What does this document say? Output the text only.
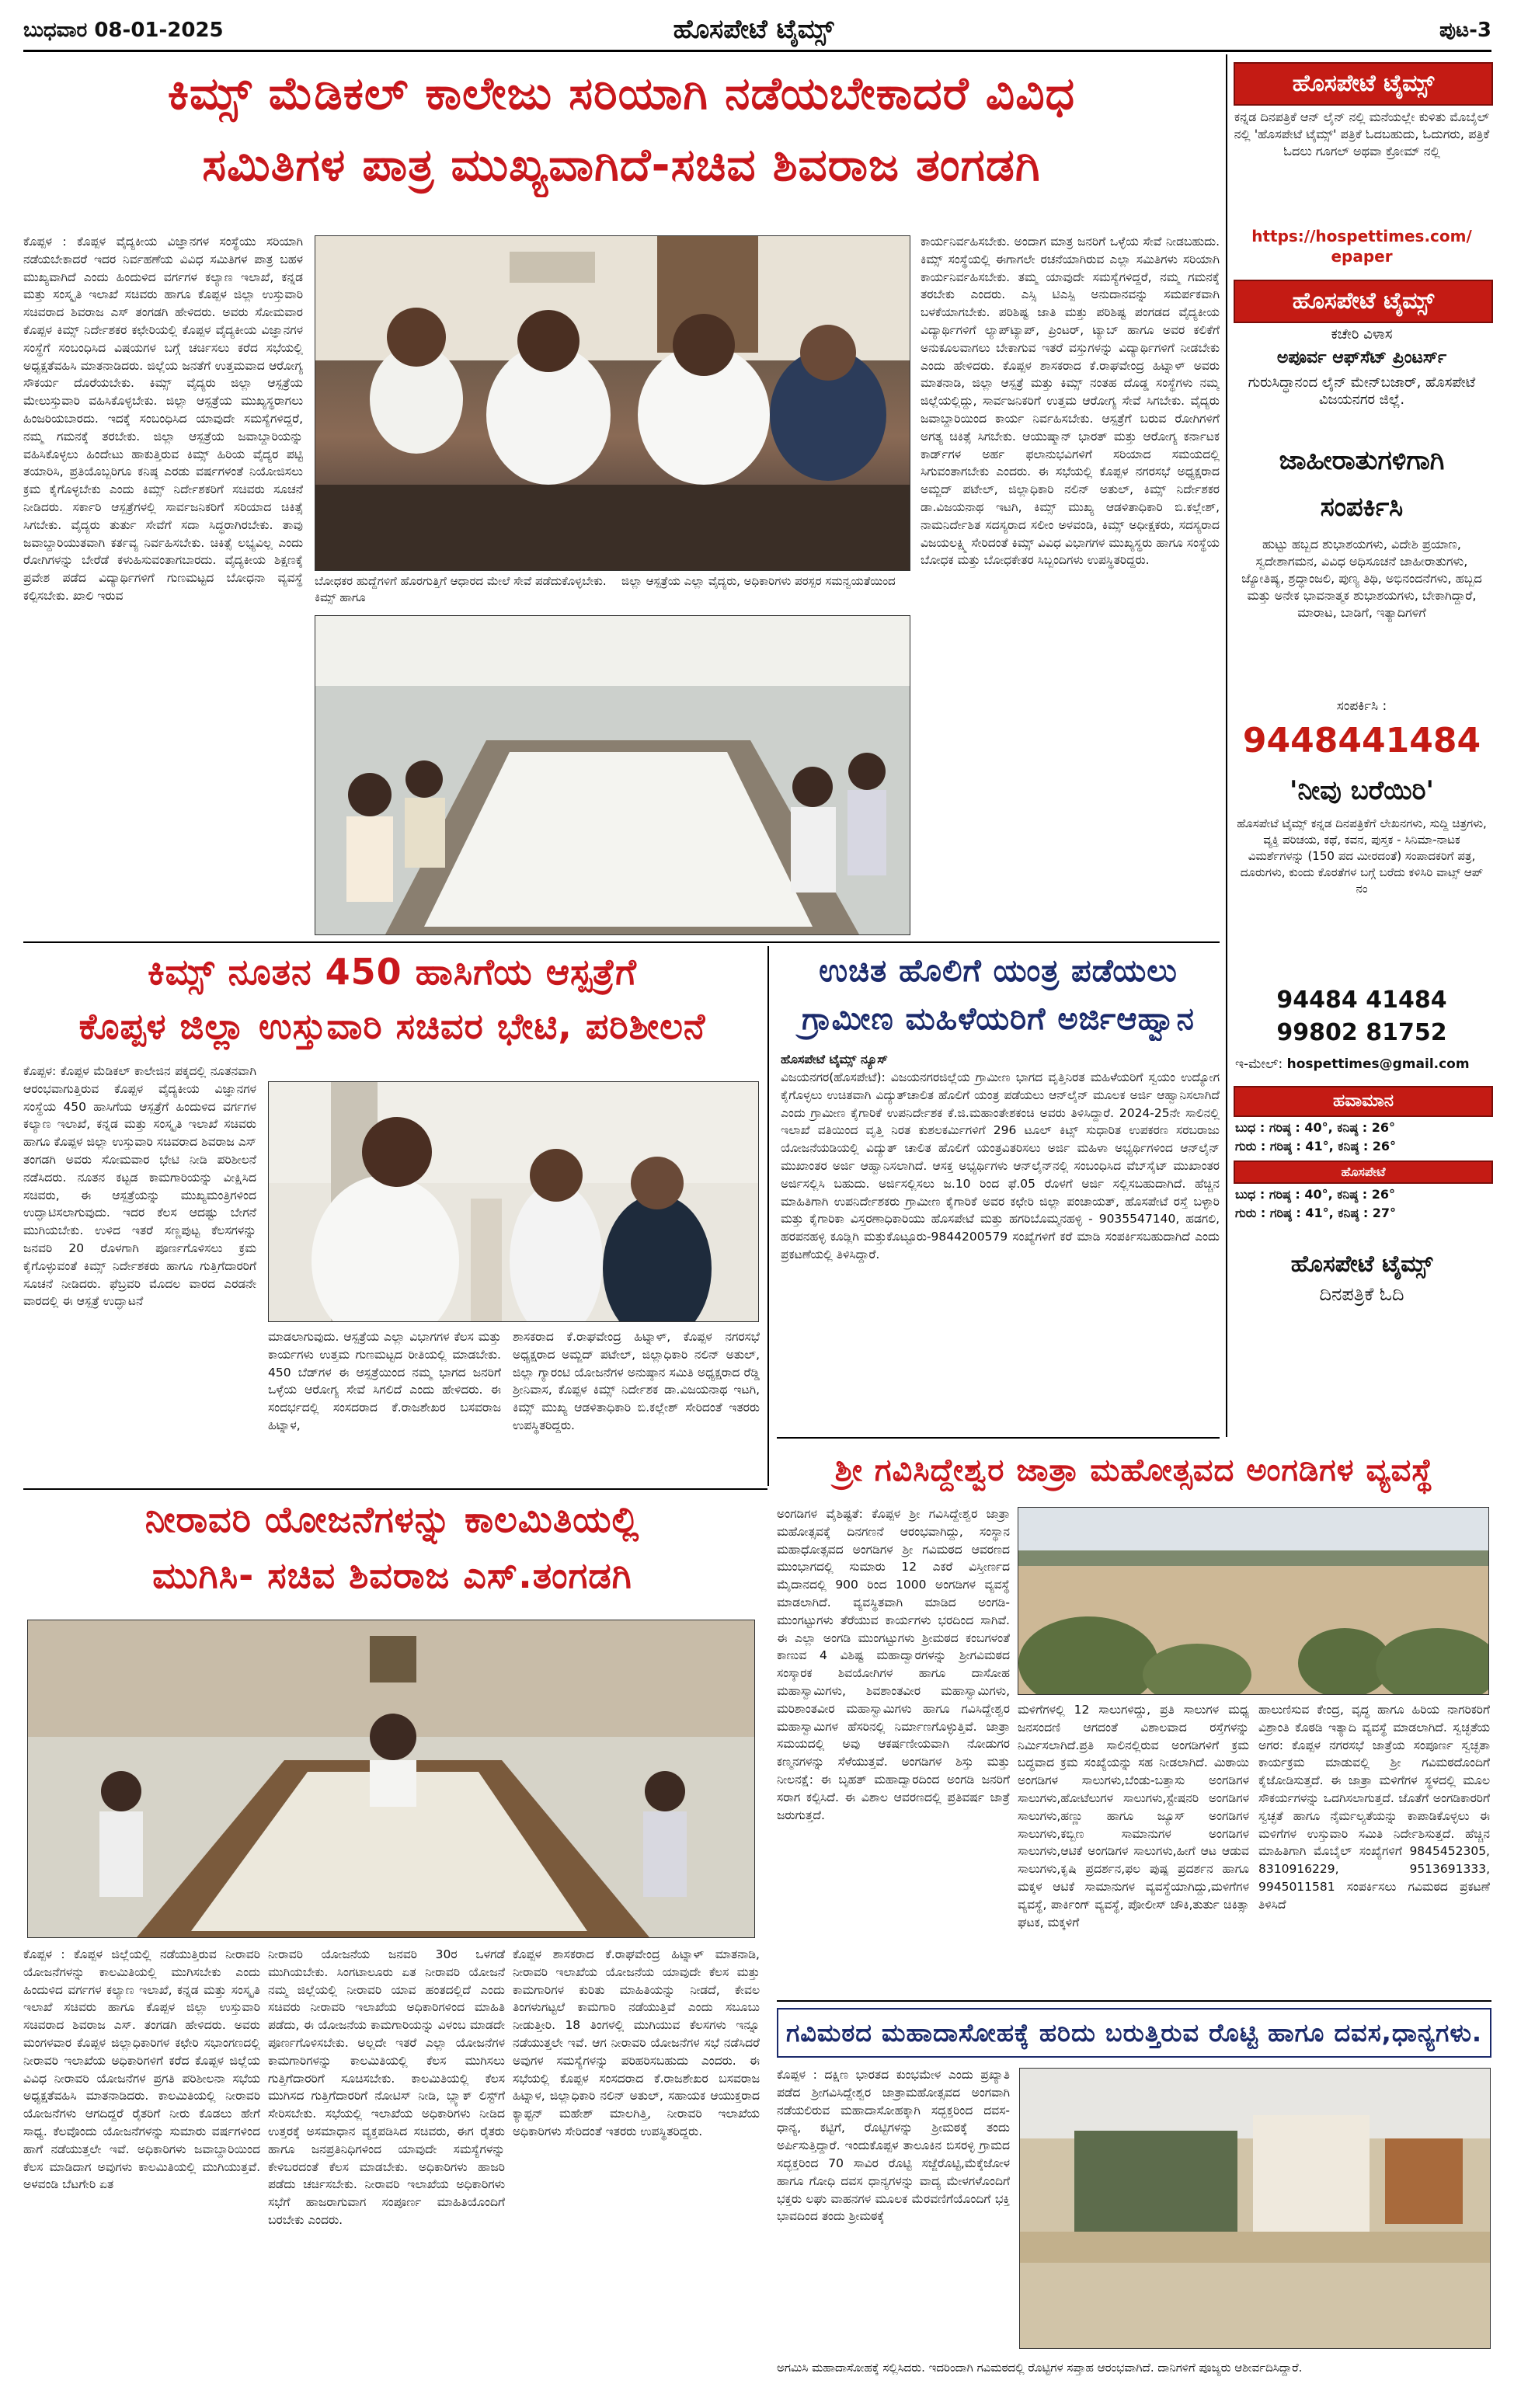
ಬುಧವಾರ 08-01-2025	ಹೊಸಪೇಟೆ ಟೈಮ್ಸ್	ಪುಟ-3
ಕಿಮ್ಸ್ ಮೆಡಿಕಲ್ ಕಾಲೇಜು ಸರಿಯಾಗಿ ನಡೆಯಬೇಕಾದರೆ ವಿವಿಧ
ಸಮಿತಿಗಳ ಪಾತ್ರ ಮುಖ್ಯವಾಗಿದೆ-ಸಚಿವ ಶಿವರಾಜ ತಂಗಡಗಿ
ಕೊಪ್ಪಳ : ಕೊಪ್ಪಳ ವೈದ್ಯಕೀಯ ವಿಜ್ಞಾನಗಳ ಸಂಸ್ಥೆಯು ಸರಿಯಾಗಿ ನಡೆಯಬೇಕಾದರೆ ಇದರ ನಿರ್ವಹಣೆಯ ವಿವಿಧ ಸಮಿತಿಗಳ ಪಾತ್ರ ಬಹಳ ಮುಖ್ಯವಾಗಿದೆ ಎಂದು ಹಿಂದುಳಿದ ವರ್ಗಗಳ ಕಲ್ಯಾಣ ಇಲಾಖೆ, ಕನ್ನಡ ಮತ್ತು ಸಂಸ್ಕೃತಿ ಇಲಾಖೆ ಸಚಿವರು ಹಾಗೂ ಕೊಪ್ಪಳ ಜಿಲ್ಲಾ ಉಸ್ತುವಾರಿ ಸಚಿವರಾದ ಶಿವರಾಜ ಎಸ್ ತಂಗಡಗಿ ಹೇಳಿದರು. ಅವರು ಸೋಮವಾರ ಕೊಪ್ಪಳ ಕಿಮ್ಸ್ ನಿರ್ದೇಶಕರ ಕಛೇರಿಯಲ್ಲಿ ಕೊಪ್ಪಳ ವೈದ್ಯಕೀಯ ವಿಜ್ಞಾನಗಳ ಸಂಸ್ಥೆಗೆ ಸಂಬಂಧಿಸಿದ ವಿಷಯಗಳ ಬಗ್ಗೆ ಚರ್ಚಿಸಲು ಕರೆದ ಸಭೆಯಲ್ಲಿ ಅಧ್ಯಕ್ಷತೆವಹಿಸಿ ಮಾತನಾಡಿದರು. ಜಿಲ್ಲೆಯ ಜನತೆಗೆ ಉತ್ತಮವಾದ ಆರೋಗ್ಯ ಸೌಕರ್ಯ ದೊರೆಯಬೇಕು. ಕಿಮ್ಸ್ ವೈದ್ಯರು ಜಿಲ್ಲಾ ಆಸ್ಪತ್ರೆಯ ಮೇಲುಸ್ತುವಾರಿ ವಹಿಸಿಕೊಳ್ಳಬೇಕು. ಜಿಲ್ಲಾ ಆಸ್ಪತ್ರೆಯ ಮುಖ್ಯಸ್ಥರಾಗಲು ಹಿಂಜರಿಯಬಾರದು. ಇದಕ್ಕೆ ಸಂಬಂಧಿಸಿದ ಯಾವುದೇ ಸಮಸ್ಯೆಗಳಿದ್ದರೆ, ನಮ್ಮ ಗಮನಕ್ಕೆ ತರಬೇಕು. ಜಿಲ್ಲಾ ಆಸ್ಪತ್ರೆಯ ಜವಾಬ್ದಾರಿಯನ್ನು ವಹಿಸಿಕೊಳ್ಳಲು ಹಿಂದೇಟು ಹಾಕುತ್ತಿರುವ ಕಿಮ್ಸ್ ಹಿರಿಯ ವೈದ್ಯರ ಪಟ್ಟಿ ತಯಾರಿಸಿ, ಪ್ರತಿಯೊಬ್ಬರಿಗೂ ಕನಿಷ್ಠ ಎರಡು ವರ್ಷಗಳಂತೆ ನಿಯೋಜಿಸಲು ಕ್ರಮ ಕೈಗೊಳ್ಳಬೇಕು ಎಂದು ಕಿಮ್ಸ್ ನಿರ್ದೇಶಕರಿಗೆ ಸಚಿವರು ಸೂಚನೆ ನೀಡಿದರು. ಸರ್ಕಾರಿ ಆಸ್ಪತ್ರೆಗಳಲ್ಲಿ ಸಾರ್ವಜನಿಕರಿಗೆ ಸರಿಯಾದ ಚಿಕಿತ್ಸೆ ಸಿಗಬೇಕು. ವೈದ್ಯರು ತುರ್ತು ಸೇವೆಗೆ ಸದಾ ಸಿದ್ಧರಾಗಿರಬೇಕು. ತಾವು ಜವಾಬ್ದಾರಿಯುತವಾಗಿ ಕರ್ತವ್ಯ ನಿರ್ವಹಿಸಬೇಕು. ಚಿಕಿತ್ಸೆ ಲಭ್ಯವಿಲ್ಲ ಎಂದು ರೋಗಿಗಳನ್ನು ಬೇರೆಡೆ ಕಳುಹಿಸುವಂತಾಗಬಾರದು. ವೈದ್ಯಕೀಯ ಶಿಕ್ಷಣಕ್ಕೆ ಪ್ರವೇಶ ಪಡೆದ ವಿದ್ಯಾರ್ಥಿಗಳಿಗೆ ಗುಣಮಟ್ಟದ ಬೋಧನಾ ವ್ಯವಸ್ಥೆ ಕಲ್ಪಿಸಬೇಕು. ಖಾಲಿ ಇರುವ
ಬೋಧಕರ ಹುದ್ದೆಗಳಿಗೆ ಹೊರಗುತ್ತಿಗೆ ಆಧಾರದ ಮೇಲೆ ಸೇವೆ ಪಡೆದುಕೊಳ್ಳಬೇಕು. ಕಿಮ್ಸ್ ಹಾಗೂ
ಜಿಲ್ಲಾ ಆಸ್ಪತ್ರೆಯ ಎಲ್ಲಾ ವೈದ್ಯರು, ಅಧಿಕಾರಿಗಳು ಪರಸ್ಪರ ಸಮನ್ವಯತೆಯಿಂದ
ಕಾರ್ಯನಿರ್ವಹಿಸಬೇಕು. ಅಂದಾಗ ಮಾತ್ರ ಜನರಿಗೆ ಒಳ್ಳೆಯ ಸೇವೆ ನೀಡಬಹುದು. ಕಿಮ್ಸ್ ಸಂಸ್ಥೆಯಲ್ಲಿ ಈಗಾಗಲೇ ರಚನೆಯಾಗಿರುವ ಎಲ್ಲಾ ಸಮಿತಿಗಳು ಸರಿಯಾಗಿ ಕಾರ್ಯನಿರ್ವಹಿಸಬೇಕು. ತಮ್ಮ ಯಾವುದೇ ಸಮಸ್ಯೆಗಳಿದ್ದರೆ, ನಮ್ಮ ಗಮನಕ್ಕೆ ತರಬೇಕು ಎಂದರು. ಎಸ್ಸಿ ಟಿಎಸ್ಪಿ ಅನುದಾನವನ್ನು ಸಮರ್ಪಕವಾಗಿ ಬಳಕೆಯಾಗಬೇಕು. ಪರಿಶಿಷ್ಟ ಜಾತಿ ಮತ್ತು ಪರಿಶಿಷ್ಟ ಪಂಗಡದ ವೈದ್ಯಕೀಯ ವಿದ್ಯಾರ್ಥಿಗಳಿಗೆ ಲ್ಯಾಪ್‌ಟ್ಯಾಪ್, ಪ್ರಿಂಟರ್, ಟ್ಯಾಬ್ ಹಾಗೂ ಅವರ ಕಲಿಕೆಗೆ ಅನುಕೂಲವಾಗಲು ಬೇಕಾಗುವ ಇತರೆ ವಸ್ತುಗಳನ್ನು ವಿದ್ಯಾರ್ಥಿಗಳಿಗೆ ನೀಡಬೇಕು ಎಂದು ಹೇಳಿದರು. ಕೊಪ್ಪಳ ಶಾಸಕರಾದ ಕೆ.ರಾಘವೇಂದ್ರ ಹಿಟ್ನಾಳ್ ಅವರು ಮಾತನಾಡಿ, ಜಿಲ್ಲಾ ಆಸ್ಪತ್ರೆ ಮತ್ತು ಕಿಮ್ಸ್ ನಂತಹ ದೊಡ್ಡ ಸಂಸ್ಥೆಗಳು ನಮ್ಮ ಜಿಲ್ಲೆಯಲ್ಲಿದ್ದು, ಸಾರ್ವಜನಿಕರಿಗೆ ಉತ್ತಮ ಆರೋಗ್ಯ ಸೇವೆ ಸಿಗಬೇಕು. ವೈದ್ಯರು ಜವಾಬ್ದಾರಿಯಿಂದ ಕಾರ್ಯ ನಿರ್ವಹಿಸಬೇಕು. ಆಸ್ಪತ್ರೆಗೆ ಬರುವ ರೋಗಿಗಳಿಗೆ ಅಗತ್ಯ ಚಿಕಿತ್ಸೆ ಸಿಗಬೇಕು. ಆಯುಷ್ಮಾನ್ ಭಾರತ್ ಮತ್ತು ಆರೋಗ್ಯ ಕರ್ನಾಟಕ ಕಾರ್ಡ್‌ಗಳ ಅರ್ಹ ಫಲಾನುಭವಿಗಳಿಗೆ ಸರಿಯಾದ ಸಮಯದಲ್ಲಿ ಸಿಗುವಂತಾಗಬೇಕು ಎಂದರು. ಈ ಸಭೆಯಲ್ಲಿ ಕೊಪ್ಪಳ ನಗರಸಭೆ ಅಧ್ಯಕ್ಷರಾದ ಅಮ್ಜದ್ ಪಟೇಲ್, ಜಿಲ್ಲಾಧಿಕಾರಿ ನಲಿನ್ ಅತುಲ್, ಕಿಮ್ಸ್ ನಿರ್ದೇಶಕರ ಡಾ.ವಿಜಯನಾಥ ಇಟಗಿ, ಕಿಮ್ಸ್ ಮುಖ್ಯ ಆಡಳಿತಾಧಿಕಾರಿ ಬಿ.ಕಲ್ಲೇಶ್, ನಾಮನಿರ್ದೇಶಿತ ಸದಸ್ಯರಾದ ಸಲೀಂ ಅಳವಂಡಿ, ಕಿಮ್ಸ್ ಅಧೀಕ್ಷಕರು, ಸದಸ್ಯರಾದ ವಿಜಯಲಕ್ಷ್ಮಿ ಸೇರಿದಂತೆ ಕಿಮ್ಸ್ ವಿವಿಧ ವಿಭಾಗಗಳ ಮುಖ್ಯಸ್ಥರು ಹಾಗೂ ಸಂಸ್ಥೆಯ ಬೋಧಕ ಮತ್ತು ಬೋಧಕೇತರ ಸಿಬ್ಬಂದಿಗಳು ಉಪಸ್ಥಿತರಿದ್ದರು.
ಕಿಮ್ಸ್ ನೂತನ 450 ಹಾಸಿಗೆಯ ಆಸ್ಪತ್ರೆಗೆ
ಕೊಪ್ಪಳ ಜಿಲ್ಲಾ ಉಸ್ತುವಾರಿ ಸಚಿವರ ಭೇಟಿ, ಪರಿಶೀಲನೆ
ಕೊಪ್ಪಳ: ಕೊಪ್ಪಳ ಮೆಡಿಕಲ್ ಕಾಲೇಜಿನ ಪಕ್ಕದಲ್ಲಿ ನೂತನವಾಗಿ ಆರಂಭವಾಗುತ್ತಿರುವ ಕೊಪ್ಪಳ ವೈದ್ಯಕೀಯ ವಿಜ್ಞಾನಗಳ ಸಂಸ್ಥೆಯ 450 ಹಾಸಿಗೆಯ ಆಸ್ಪತ್ರೆಗೆ ಹಿಂದುಳಿದ ವರ್ಗಗಳ ಕಲ್ಯಾಣ ಇಲಾಖೆ, ಕನ್ನಡ ಮತ್ತು ಸಂಸ್ಕೃತಿ ಇಲಾಖೆ ಸಚಿವರು ಹಾಗೂ ಕೊಪ್ಪಳ ಜಿಲ್ಲಾ ಉಸ್ತುವಾರಿ ಸಚಿವರಾದ ಶಿವರಾಜ ಎಸ್ ತಂಗಡಗಿ ಅವರು ಸೋಮವಾರ ಭೇಟಿ ನೀಡಿ ಪರಿಶೀಲನೆ ನಡೆಸಿದರು. ನೂತನ ಕಟ್ಟಡ ಕಾಮಗಾರಿಯನ್ನು ವೀಕ್ಷಿಸಿದ ಸಚಿವರು, ಈ ಆಸ್ಪತ್ರೆಯನ್ನು ಮುಖ್ಯಮಂತ್ರಿಗಳಿಂದ ಉದ್ಘಾಟಿಸಲಾಗುವುದು. ಇದರ ಕೆಲಸ ಆದಷ್ಟು ಬೇಗನೆ ಮುಗಿಯಬೇಕು. ಉಳಿದ ಇತರೆ ಸಣ್ಣಪುಟ್ಟ ಕೆಲಸಗಳನ್ನು ಜನವರಿ 20 ರೊಳಗಾಗಿ ಪೂರ್ಣಗೊಳಿಸಲು ಕ್ರಮ ಕೈಗೊಳ್ಳುವಂತೆ ಕಿಮ್ಸ್ ನಿರ್ದೇಶಕರು ಹಾಗೂ ಗುತ್ತಿಗೆದಾರರಿಗೆ ಸೂಚನೆ ನೀಡಿದರು. ಫೆಬ್ರವರಿ ಮೊದಲ ವಾರದ ಎರಡನೇ ವಾರದಲ್ಲಿ ಈ ಆಸ್ಪತ್ರೆ ಉದ್ಘಾಟನೆ
ಮಾಡಲಾಗುವುದು. ಆಸ್ಪತ್ರೆಯ ಎಲ್ಲಾ ವಿಭಾಗಗಳ ಕೆಲಸ ಮತ್ತು ಕಾರ್ಯಗಳು ಉತ್ತಮ ಗುಣಮಟ್ಟದ ರೀತಿಯಲ್ಲಿ ಮಾಡಬೇಕು. 450 ಬೆಡ್‌ಗಳ ಈ ಆಸ್ಪತ್ರೆಯಿಂದ ನಮ್ಮ ಭಾಗದ ಜನರಿಗೆ ಒಳ್ಳೆಯ ಆರೋಗ್ಯ ಸೇವೆ ಸಿಗಲಿದೆ ಎಂದು ಹೇಳಿದರು. ಈ ಸಂದರ್ಭದಲ್ಲಿ ಸಂಸದರಾದ ಕೆ.ರಾಜಶೇಖರ ಬಸವರಾಜ ಹಿಟ್ನಾಳ,
ಶಾಸಕರಾದ ಕೆ.ರಾಘವೇಂದ್ರ ಹಿಟ್ನಾಳ್, ಕೊಪ್ಪಳ ನಗರಸಭೆ ಅಧ್ಯಕ್ಷರಾದ ಅಮ್ಜದ್ ಪಟೇಲ್, ಜಿಲ್ಲಾಧಿಕಾರಿ ನಲಿನ್ ಅತುಲ್, ಜಿಲ್ಲಾ ಗ್ಯಾರಂಟಿ ಯೋಜನೆಗಳ ಅನುಷ್ಠಾನ ಸಮಿತಿ ಅಧ್ಯಕ್ಷರಾದ ರೆಡ್ಡಿ ಶ್ರೀನಿವಾಸ, ಕೊಪ್ಪಳ ಕಿಮ್ಸ್ ನಿರ್ದೇಶಕ ಡಾ.ವಿಜಯನಾಥ ಇಟಗಿ, ಕಿಮ್ಸ್ ಮುಖ್ಯ ಆಡಳಿತಾಧಿಕಾರಿ ಬಿ.ಕಲ್ಲೇಶ್ ಸೇರಿದಂತೆ ಇತರರು ಉಪಸ್ಥಿತರಿದ್ದರು.
ಉಚಿತ ಹೊಲಿಗೆ ಯಂತ್ರ ಪಡೆಯಲು
ಗ್ರಾಮೀಣ ಮಹಿಳೆಯರಿಗೆ ಅರ್ಜಿಆಹ್ವಾನ
ಹೊಸಪೇಟೆ ಟೈಮ್ಸ್ ನ್ಯೂಸ್
ವಿಜಯನಗರ(ಹೊಸಪೇಟೆ): ವಿಜಯನಗರಜಿಲ್ಲೆಯ ಗ್ರಾಮೀಣ ಭಾಗದ ವೃತ್ತಿನಿರತ ಮಹಿಳೆಯರಿಗೆ ಸ್ವಯಂ ಉದ್ಯೋಗ ಕೈಗೊಳ್ಳಲು ಉಚಿತವಾಗಿ ವಿದ್ಯುತ್‌ಚಾಲಿತ ಹೊಲಿಗೆ ಯಂತ್ರ ಪಡೆಯಲು ಆನ್‌ಲೈನ್ ಮೂಲಕ ಅರ್ಜಿ ಆಹ್ವಾನಿಸಲಾಗಿದೆ ಎಂದು ಗ್ರಾಮೀಣ ಕೈಗಾರಿಕೆ ಉಪನಿರ್ದೇಶಕ ಕೆ.ಜಿ.ಮಹಾಂತೇಶಕಂಚಿ ಅವರು ತಿಳಿಸಿದ್ದಾರೆ. 2024-25ನೇ ಸಾಲಿನಲ್ಲಿ ಇಲಾಖೆ ವತಿಯಿಂದ ವೃತ್ತಿ ನಿರತ ಕುಶಲಕರ್ಮಿಗಳಿಗೆ 296 ಟೂಲ್ ಕಿಟ್ಸ್ ಸುಧಾರಿತ ಉಪಕರಣ ಸರಬರಾಜು ಯೋಜನೆಯಡಿಯಲ್ಲಿ ವಿದ್ಯುತ್ ಚಾಲಿತ ಹೊಲಿಗೆ ಯಂತ್ರವಿತರಿಸಲು ಅರ್ಜಿ ಮಹಿಳಾ ಅಭ್ಯರ್ಥಿಗಳಿಂದ ಆನ್‌ಲೈನ್ ಮುಖಾಂತರ ಅರ್ಜಿ ಆಹ್ವಾನಿಸಲಾಗಿದೆ. ಆಸಕ್ತ ಅಭ್ಯರ್ಥಿಗಳು ಆನ್‌ಲೈನ್‌ನಲ್ಲಿ ಸಂಬಂಧಿಸಿದ ವೆಬ್‌ಸೈಟ್ ಮುಖಾಂತರ ಅರ್ಜಿಸಲ್ಲಿಸಿ ಬಹುದು. ಅರ್ಜಿಸಲ್ಲಿಸಲು ಜ.10 ರಿಂದ ಫೆ.05 ರೊಳಗೆ ಅರ್ಜಿ ಸಲ್ಲಿಸಬಹುದಾಗಿದೆ. ಹೆಚ್ಚಿನ ಮಾಹಿತಿಗಾಗಿ ಉಪನಿರ್ದೇಶಕರು ಗ್ರಾಮೀಣ ಕೈಗಾರಿಕೆ ಅವರ ಕಛೇರಿ ಜಿಲ್ಲಾ ಪಂಚಾಯತ್, ಹೊಸಪೇಟೆ ರಸ್ತೆ ಬಳ್ಳಾರಿ ಮತ್ತು ಕೈಗಾರಿಕಾ ವಿಸ್ತರಣಾಧಿಕಾರಿಯು ಹೊಸಪೇಟೆ ಮತ್ತು ಹಗರಿಬೊಮ್ಮನಹಳ್ಳಿ - 9035547140, ಹಡಗಲಿ, ಹರಪನಹಳ್ಳಿ ಕೂಡ್ಲಿಗಿ ಮತ್ತುಕೊಟ್ಟೂರು-9844200579 ಸಂಖ್ಯೆಗಳಿಗೆ ಕರೆ ಮಾಡಿ ಸಂಪರ್ಕಿಸಬಹುದಾಗಿದೆ ಎಂದು ಪ್ರಕಟಣೆಯಲ್ಲಿ ತಿಳಿಸಿದ್ದಾರೆ.
ಶ್ರೀ ಗವಿಸಿದ್ದೇಶ್ವರ ಜಾತ್ರಾ ಮಹೋತ್ಸವದ ಅಂಗಡಿಗಳ ವ್ಯವಸ್ಥೆ
ಅಂಗಡಿಗಳ ವೈಶಿಷ್ಟತೆ: ಕೊಪ್ಪಳ ಶ್ರೀ ಗವಿಸಿದ್ದೇಶ್ವರ ಜಾತ್ರಾ ಮಹೋತ್ಸವಕ್ಕೆ ದಿನಗಣನೆ ಆರಂಭವಾಗಿದ್ದು, ಸಂಸ್ಥಾನ ಮಹಾಧೋತ್ಸವದ ಅಂಗಡಿಗಳ ಶ್ರೀ ಗವಿಮಠದ ಆವರಣದ ಮುಂಭಾಗದಲ್ಲಿ ಸುಮಾರು 12 ಎಕರೆ ವಿಸ್ತೀರ್ಣದ ಮೈದಾನದಲ್ಲಿ 900 ರಿಂದ 1000 ಅಂಗಡಿಗಳ ವ್ಯವಸ್ಥೆ ಮಾಡಲಾಗಿದೆ. ವ್ಯವಸ್ಥಿತವಾಗಿ ಮಾಡಿದ ಅಂಗಡಿ-ಮುಂಗಟ್ಟುಗಳು ತೆರೆಯುವ ಕಾರ್ಯಗಳು ಭರದಿಂದ ಸಾಗಿವೆ. ಈ ಎಲ್ಲಾ ಅಂಗಡಿ ಮುಂಗಟ್ಟುಗಳು ಶ್ರೀಮಠದ ಕಂಬಗಳಂತೆ ಕಾಣುವ 4 ವಿಶಿಷ್ಟ ಮಹಾದ್ವಾರಗಳನ್ನು ಶ್ರೀಗವಿಮಠದ ಸಂಸ್ಕಾರಕ ಶಿವಯೋಗಿಗಳ ಹಾಗೂ ದಾಸೋಹ ಮಹಾಸ್ವಾಮಿಗಳು, ಶಿವಶಾಂತವೀರ ಮಹಾಸ್ವಾಮಿಗಳು, ಮರಿಶಾಂತವೀರ ಮಹಾಸ್ವಾಮಿಗಳು ಹಾಗೂ ಗವಿಸಿದ್ದೇಶ್ವರ ಮಹಾಸ್ವಾಮಿಗಳ ಹೆಸರಿನಲ್ಲಿ ನಿರ್ಮಾಣಗೊಳ್ಳುತ್ತಿವೆ. ಜಾತ್ರಾ ಸಮಯದಲ್ಲಿ ಅವು ಆಕರ್ಷಣೀಯವಾಗಿ ನೋಡುಗರ ಕಣ್ಮನಗಳನ್ನು ಸೆಳೆಯುತ್ತವೆ. ಅಂಗಡಿಗಳ ಶಿಸ್ತು ಮತ್ತು ನೀಲನಕ್ಷೆ: ಈ ಬೃಹತ್ ಮಹಾದ್ವಾರದಿಂದ ಅಂಗಡಿ ಜನರಿಗೆ ಸರಾಗ ಕಲ್ಪಿಸಿದೆ. ಈ ವಿಶಾಲ ಆವರಣದಲ್ಲಿ ಪ್ರತಿವರ್ಷ ಜಾತ್ರೆ ಜರುಗುತ್ತದೆ.
ಮಳಿಗೆಗಳಲ್ಲಿ 12 ಸಾಲುಗಳಿದ್ದು, ಪ್ರತಿ ಸಾಲುಗಳ ಮಧ್ಯ ಜನಸಂದಣಿ ಆಗದಂತೆ ವಿಶಾಲವಾದ ರಸ್ತೆಗಳನ್ನು ನಿರ್ಮಿಸಲಾಗಿದೆ.ಪ್ರತಿ ಸಾಲಿನಲ್ಲಿರುವ ಅಂಗಡಿಗಳಿಗೆ ಕ್ರಮ ಬದ್ಧವಾದ ಕ್ರಮ ಸಂಖ್ಯೆಯನ್ನು ಸಹ ನೀಡಲಾಗಿದೆ. ಮಿಠಾಯಿ ಅಂಗಡಿಗಳ ಸಾಲುಗಳು,ಬೆಂಡು-ಬತ್ತಾಸು ಅಂಗಡಿಗಳ ಸಾಲುಗಳು,ಹೋಟೆಲುಗಳ ಸಾಲುಗಳು,ಸ್ಟೇಷನರಿ ಅಂಗಡಿಗಳ ಸಾಲುಗಳು,ಹಣ್ಣು ಹಾಗೂ ಜ್ಯೂಸ್ ಅಂಗಡಿಗಳ ಸಾಲುಗಳು,ಕಬ್ಬಿಣ ಸಾಮಾನುಗಳ ಅಂಗಡಿಗಳ ಸಾಲುಗಳು,ಆಟಿಕೆ ಅಂಗಡಿಗಳ ಸಾಲುಗಳು,ಹೀಗೆ ಆಟ ಆಡುವ ಸಾಲುಗಳು,ಕೃಷಿ ಪ್ರದರ್ಶನ,ಫಲ ಪುಷ್ಪ ಪ್ರದರ್ಶನ ಹಾಗೂ ಮಕ್ಕಳ ಆಟಿಕೆ ಸಾಮಾನುಗಳ ವ್ಯವಸ್ಥೆಯಾಗಿದ್ದು,ಮಳಿಗೆಗಳ ವ್ಯವಸ್ಥೆ, ಪಾರ್ಕಿಂಗ್ ವ್ಯವಸ್ಥೆ, ಪೋಲೀಸ್ ಚೌಕಿ,ತುರ್ತು ಚಿಕಿತ್ಸಾ ಘಟಕ, ಮಕ್ಕಳಿಗೆ
ಹಾಲುಣಿಸುವ ಕೇಂದ್ರ, ವೃದ್ಧ ಹಾಗೂ ಹಿರಿಯ ನಾಗರಿಕರಿಗೆ ವಿಶ್ರಾಂತಿ ಕೊಠಡಿ ಇತ್ಯಾದಿ ವ್ಯವಸ್ಥೆ ಮಾಡಲಾಗಿದೆ. ಸ್ವಚ್ಛತೆಯ ಅಗರ: ಕೊಪ್ಪಳ ನಗರಸಭೆ ಜಾತ್ರೆಯ ಸಂಪೂರ್ಣ ಸ್ವಚ್ಛತಾ ಕಾರ್ಯಕ್ರಮ ಮಾಡುವಲ್ಲಿ ಶ್ರೀ ಗವಿಮಠದೊಂದಿಗೆ ಕೈಜೋಡಿಸುತ್ತದೆ. ಈ ಜಾತ್ರಾ ಮಳಿಗೆಗಳ ಸ್ಥಳದಲ್ಲಿ ಮೂಲ ಸೌಕರ್ಯಗಳನ್ನು ಒದಗಿಸಲಾಗುತ್ತದೆ. ಜೊತೆಗೆ ಅಂಗಡಿಕಾರರಿಗೆ ಸ್ವಚ್ಛತೆ ಹಾಗೂ ನೈರ್ಮಲ್ಯತೆಯನ್ನು ಕಾಪಾಡಿಕೊಳ್ಳಲು ಈ ಮಳಿಗೆಗಳ ಉಸ್ತುವಾರಿ ಸಮಿತಿ ನಿರ್ದೇಶಿಸುತ್ತದೆ. ಹೆಚ್ಚಿನ ಮಾಹಿತಿಗಾಗಿ ಮೊಬೈಲ್ ಸಂಖ್ಯೆಗಳಿಗೆ 9845452305, 8310916229, 9513691333, 9945011581 ಸಂಪರ್ಕಿಸಲು ಗವಿಮಠದ ಪ್ರಕಟಣೆ ತಿಳಿಸಿದೆ
ನೀರಾವರಿ ಯೋಜನೆಗಳನ್ನು ಕಾಲಮಿತಿಯಲ್ಲಿ
ಮುಗಿಸಿ- ಸಚಿವ ಶಿವರಾಜ ಎಸ್.ತಂಗಡಗಿ
ಕೊಪ್ಪಳ : ಕೊಪ್ಪಳ ಜಿಲ್ಲೆಯಲ್ಲಿ ನಡೆಯುತ್ತಿರುವ ನೀರಾವರಿ ಯೋಜನೆಗಳನ್ನು ಕಾಲಮಿತಿಯಲ್ಲಿ ಮುಗಿಸಬೇಕು ಎಂದು ಹಿಂದುಳಿದ ವರ್ಗಗಳ ಕಲ್ಯಾಣ ಇಲಾಖೆ, ಕನ್ನಡ ಮತ್ತು ಸಂಸ್ಕೃತಿ ಇಲಾಖೆ ಸಚಿವರು ಹಾಗೂ ಕೊಪ್ಪಳ ಜಿಲ್ಲಾ ಉಸ್ತುವಾರಿ ಸಚಿವರಾದ ಶಿವರಾಜ ಎಸ್. ತಂಗಡಗಿ ಹೇಳಿದರು. ಅವರು ಮಂಗಳವಾರ ಕೊಪ್ಪಳ ಜಿಲ್ಲಾಧಿಕಾರಿಗಳ ಕಛೇರಿ ಸಭಾಂಗಣದಲ್ಲಿ ನೀರಾವರಿ ಇಲಾಖೆಯ ಅಧಿಕಾರಿಗಳಿಗೆ ಕರೆದ ಕೊಪ್ಪಳ ಜಿಲ್ಲೆಯ ವಿವಿಧ ನೀರಾವರಿ ಯೋಜನೆಗಳ ಪ್ರಗತಿ ಪರಿಶೀಲನಾ ಸಭೆಯ ಅಧ್ಯಕ್ಷತೆವಹಿಸಿ ಮಾತನಾಡಿದರು. ಕಾಲಮಿತಿಯಲ್ಲಿ ನೀರಾವರಿ ಯೋಜನೆಗಳು ಆಗದಿದ್ದರೆ ರೈತರಿಗೆ ನೀರು ಕೊಡಲು ಹೇಗೆ ಸಾಧ್ಯ. ಕೆಲವೊಂದು ಯೋಜನೆಗಳನ್ನು ಸುಮಾರು ವರ್ಷಗಳಿಂದ ಹಾಗೆ ನಡೆಯುತ್ತಲೇ ಇವೆ. ಅಧಿಕಾರಿಗಳು ಜವಾಬ್ದಾರಿಯಿಂದ ಕೆಲಸ ಮಾಡಿದಾಗ ಅವುಗಳು ಕಾಲಮಿತಿಯಲ್ಲಿ ಮುಗಿಯುತ್ತವೆ. ಅಳವಂಡಿ ಬೆಟಗೇರಿ ಏತ
ನೀರಾವರಿ ಯೋಜನೆಯ ಜನವರಿ 30ರ ಒಳಗಡೆ ಮುಗಿಯಬೇಕು. ಸಿಂಗಟಾಲೂರು ಏತ ನೀರಾವರಿ ಯೋಜನೆ ನಮ್ಮ ಜಿಲ್ಲೆಯಲ್ಲಿ ನೀರಾವರಿ ಯಾವ ಹಂತದಲ್ಲಿದೆ ಎಂದು ಸಚಿವರು ನೀರಾವರಿ ಇಲಾಖೆಯ ಅಧಿಕಾರಿಗಳಿಂದ ಮಾಹಿತಿ ಪಡೆದು, ಈ ಯೋಜನೆಯ ಕಾಮಗಾರಿಯನ್ನು ವಿಳಂಬ ಮಾಡದೇ ಪೂರ್ಣಗೊಳಿಸಬೇಕು. ಅಲ್ಲದೇ ಇತರೆ ಎಲ್ಲಾ ಯೋಜನೆಗಳ ಕಾಮಗಾರಿಗಳನ್ನು ಕಾಲಮಿತಿಯಲ್ಲಿ ಕೆಲಸ ಮುಗಿಸಲು ಗುತ್ತಿಗೆದಾರರಿಗೆ ಸೂಚಿಸಬೇಕು. ಕಾಲಮಿತಿಯಲ್ಲಿ ಕೆಲಸ ಮುಗಿಸದ ಗುತ್ತಿಗೆದಾರರಿಗೆ ನೋಟಿಸ್ ನೀಡಿ, ಬ್ಲ್ಯಾಕ್ ಲಿಸ್ಟ್‌ಗೆ ಸೇರಿಸಬೇಕು. ಸಭೆಯಲ್ಲಿ ಇಲಾಖೆಯ ಅಧಿಕಾರಿಗಳು ನೀಡಿದ ಉತ್ತರಕ್ಕೆ ಅಸಮಾಧಾನ ವ್ಯಕ್ತಪಡಿಸಿದ ಸಚಿವರು, ಈಗ ರೈತರು ಹಾಗೂ ಜನಪ್ರತಿನಿಧಿಗಳಿಂದ ಯಾವುದೇ ಸಮಸ್ಯೆಗಳನ್ನು ಕೇಳಿಬರದಂತೆ ಕೆಲಸ ಮಾಡಬೇಕು. ಅಧಿಕಾರಿಗಳು ಹಾಜರಿ ಪಡೆದು ಚರ್ಚಿಸಬೇಕು. ನೀರಾವರಿ ಇಲಾಖೆಯ ಅಧಿಕಾರಿಗಳು ಸಭೆಗೆ ಹಾಜರಾಗುವಾಗ ಸಂಪೂರ್ಣ ಮಾಹಿತಿಯೊಂದಿಗೆ ಬರಬೇಕು ಎಂದರು.
ಕೊಪ್ಪಳ ಶಾಸಕರಾದ ಕೆ.ರಾಘವೇಂದ್ರ ಹಿಟ್ನಾಳ್ ಮಾತನಾಡಿ, ನೀರಾವರಿ ಇಲಾಖೆಯ ಯೋಜನೆಯ ಯಾವುದೇ ಕೆಲಸ ಮತ್ತು ಕಾಮಗಾರಿಗಳ ಕುರಿತು ಮಾಹಿತಿಯನ್ನು ನೀಡದೆ, ಕೇವಲ ತಿಂಗಳುಗಟ್ಟಲೆ ಕಾಮಗಾರಿ ನಡೆಯುತ್ತಿವೆ ಎಂದು ಸಬೂಬು ನೀಡುತ್ತೀರಿ. 18 ತಿಂಗಳಲ್ಲಿ ಮುಗಿಯುವ ಕೆಲಸಗಳು ಇನ್ನೂ ನಡೆಯುತ್ತಲೇ ಇವೆ. ಆಗ ನೀರಾವರಿ ಯೋಜನೆಗಳ ಸಭೆ ನಡೆಸಿದರೆ ಅವುಗಳ ಸಮಸ್ಯೆಗಳನ್ನು ಪರಿಹರಿಸಬಹುದು ಎಂದರು. ಈ ಸಭೆಯಲ್ಲಿ ಕೊಪ್ಪಳ ಸಂಸದರಾದ ಕೆ.ರಾಜಶೇಖರ ಬಸವರಾಜ ಹಿಟ್ನಾಳ, ಜಿಲ್ಲಾಧಿಕಾರಿ ನಲಿನ್ ಅತುಲ್, ಸಹಾಯಕ ಆಯುಕ್ತರಾದ ಕ್ಯಾಪ್ಟನ್ ಮಹೇಶ್ ಮಾಲಗಿತ್ತಿ, ನೀರಾವರಿ ಇಲಾಖೆಯ ಅಧಿಕಾರಿಗಳು ಸೇರಿದಂತೆ ಇತರರು ಉಪಸ್ಥಿತರಿದ್ದರು.
ಗವಿಮಠದ ಮಹಾದಾಸೋಹಕ್ಕೆ ಹರಿದು ಬರುತ್ತಿರುವ ರೊಟ್ಟಿ ಹಾಗೂ ದವಸ,ಧಾನ್ಯಗಳು.
ಕೊಪ್ಪಳ : ದಕ್ಷಿಣ ಭಾರತದ ಕುಂಭಮೇಳ ಎಂದು ಪ್ರಖ್ಯಾತಿ ಪಡೆದ ಶ್ರೀಗವಿಸಿದ್ದೇಶ್ವರ ಜಾತ್ರಾಮಹೋತ್ಸವದ ಅಂಗವಾಗಿ ನಡೆಯಲಿರುವ ಮಹಾದಾಸೋಹಕ್ಕಾಗಿ ಸದ್ಭಕ್ತರಿಂದ ದವಸ-ಧಾನ್ಯ, ಕಟ್ಟಿಗೆ, ರೊಟ್ಟಿಗಳನ್ನು ಶ್ರೀಮಠಕ್ಕೆ ತಂದು ಅರ್ಪಿಸುತ್ತಿದ್ದಾರೆ. ಇಂದುಕೊಪ್ಪಳ ತಾಲೂಕಿನ ಬಿಸರಳ್ಳಿ ಗ್ರಾಮದ ಸದ್ಭಕ್ತರಿಂದ 70 ಸಾವಿರ ರೊಟ್ಟಿ ಸಜ್ಜೆರೊಟ್ಟಿ,ಮೆಕ್ಕೆಜೋಳ ಹಾಗೂ ಗೋಧಿ ದವಸ ಧಾನ್ಯಗಳನ್ನು ವಾದ್ಯ ಮೇಳಗಳೊಂದಿಗೆ ಭಕ್ತರು ಲಘು ವಾಹನಗಳ ಮೂಲಕ ಮೆರವಣಿಗೆಯೊಂದಿಗೆ ಭಕ್ತಿ ಭಾವದಿಂದ ತಂದು ಶ್ರೀಮಠಕ್ಕೆ
ಅಗಮಿಸಿ ಮಹಾದಾಸೋಹಕ್ಕೆ ಸಲ್ಲಿಸಿದರು. ಇದರಿಂದಾಗಿ ಗವಿಮಠದಲ್ಲಿ ರೊಟ್ಟಿಗಳ ಸಪ್ತಾಹ ಆರಂಭವಾಗಿದೆ. ದಾನಿಗಳಿಗೆ ಪೂಜ್ಯರು ಆಶೀರ್ವದಿಸಿದ್ದಾರೆ.
ಹೊಸಪೇಟೆ ಟೈಮ್ಸ್
ಕನ್ನಡ ದಿನಪತ್ರಿಕೆ ಆನ್ ಲೈನ್ ನಲ್ಲಿ ಮನೆಯಲ್ಲೇ ಕುಳಿತು ಮೊಬೈಲ್ ನಲ್ಲಿ 'ಹೊಸಪೇಟೆ ಟೈಮ್ಸ್' ಪತ್ರಿಕೆ ಓದಬಹುದು, ಓದುಗರು, ಪತ್ರಿಕೆ ಓದಲು ಗೂಗಲ್ ಅಥವಾ ಕ್ರೋಮ್ ನಲ್ಲಿ
https://hospettimes.com/
epaper
ಹೊಸಪೇಟೆ ಟೈಮ್ಸ್
ಕಚೇರಿ ವಿಳಾಸ
ಅಪೂರ್ವ ಆಫ್‌ಸೆಟ್ ಪ್ರಿಂಟರ್ಸ್
ಗುರುಸಿದ್ಧಾನಂದ ಲೈನ್ ಮೇನ್‌ಬಜಾರ್, ಹೊಸಪೇಟೆ ವಿಜಯನಗರ ಜಿಲ್ಲೆ.
ಜಾಹೀರಾತುಗಳಿಗಾಗಿ
ಸಂಪರ್ಕಿಸಿ
ಹುಟ್ಟು ಹಬ್ಬದ ಶುಭಾಶಯಗಳು, ವಿದೇಶಿ ಪ್ರಯಾಣ, ಸ್ವದೇಶಾಗಮನ, ವಿವಿಧ ಅಧಿಸೂಚನೆ ಜಾಹೀರಾತುಗಳು, ಜ್ಯೋತಿಷ್ಯ, ಶ್ರದ್ಧಾಂಜಲಿ, ಪುಣ್ಯ ತಿಥಿ, ಅಭಿನಂದನೆಗಳು, ಹಬ್ಬದ ಮತ್ತು ಅನೇಕ ಭಾವನಾತ್ಮಕ ಶುಭಾಶಯಗಳು, ಬೇಕಾಗಿದ್ದಾರೆ, ಮಾರಾಟ, ಬಾಡಿಗೆ, ಇತ್ಯಾದಿಗಳಿಗೆ
ಸಂಪರ್ಕಿಸಿ :
9448441484
'ನೀವು ಬರೆಯಿರಿ'
ಹೊಸಪೇಟೆ ಟೈಮ್ಸ್ ಕನ್ನಡ ದಿನಪತ್ರಿಕೆಗೆ ಲೇಖನಗಳು, ಸುದ್ದಿ ಚಿತ್ರಗಳು, ವ್ಯಕ್ತಿ ಪರಿಚಯ, ಕಥೆ, ಕವನ, ಪುಸ್ತಕ - ಸಿನಿಮಾ-ನಾಟಕ ವಿಮರ್ಶೆಗಳನ್ನು (150 ಪದ ಮೀರದಂತೆ) ಸಂಪಾದಕರಿಗೆ ಪತ್ರ, ದೂರುಗಳು, ಕುಂದು ಕೊರತೆಗಳ ಬಗ್ಗೆ ಬರೆದು ಕಳಿಸಿರಿ ವಾಟ್ಸ್ ಆಪ್ ನಂ
94484 41484
99802 81752
ಇ-ಮೇಲ್: hospettimes@gmail.com
ಹವಾಮಾನ
ಬುಧ : ಗರಿಷ್ಠ : 40°, ಕನಿಷ್ಠ : 26°
ಗುರು : ಗರಿಷ್ಠ : 41°, ಕನಿಷ್ಠ : 26°
ಹೊಸಪೇಟೆ
ಬುಧ : ಗರಿಷ್ಠ : 40°, ಕನಿಷ್ಠ : 26°
ಗುರು : ಗರಿಷ್ಠ : 41°, ಕನಿಷ್ಠ : 27°
ಹೊಸಪೇಟೆ ಟೈಮ್ಸ್
ದಿನಪತ್ರಿಕೆ ಓದಿ
